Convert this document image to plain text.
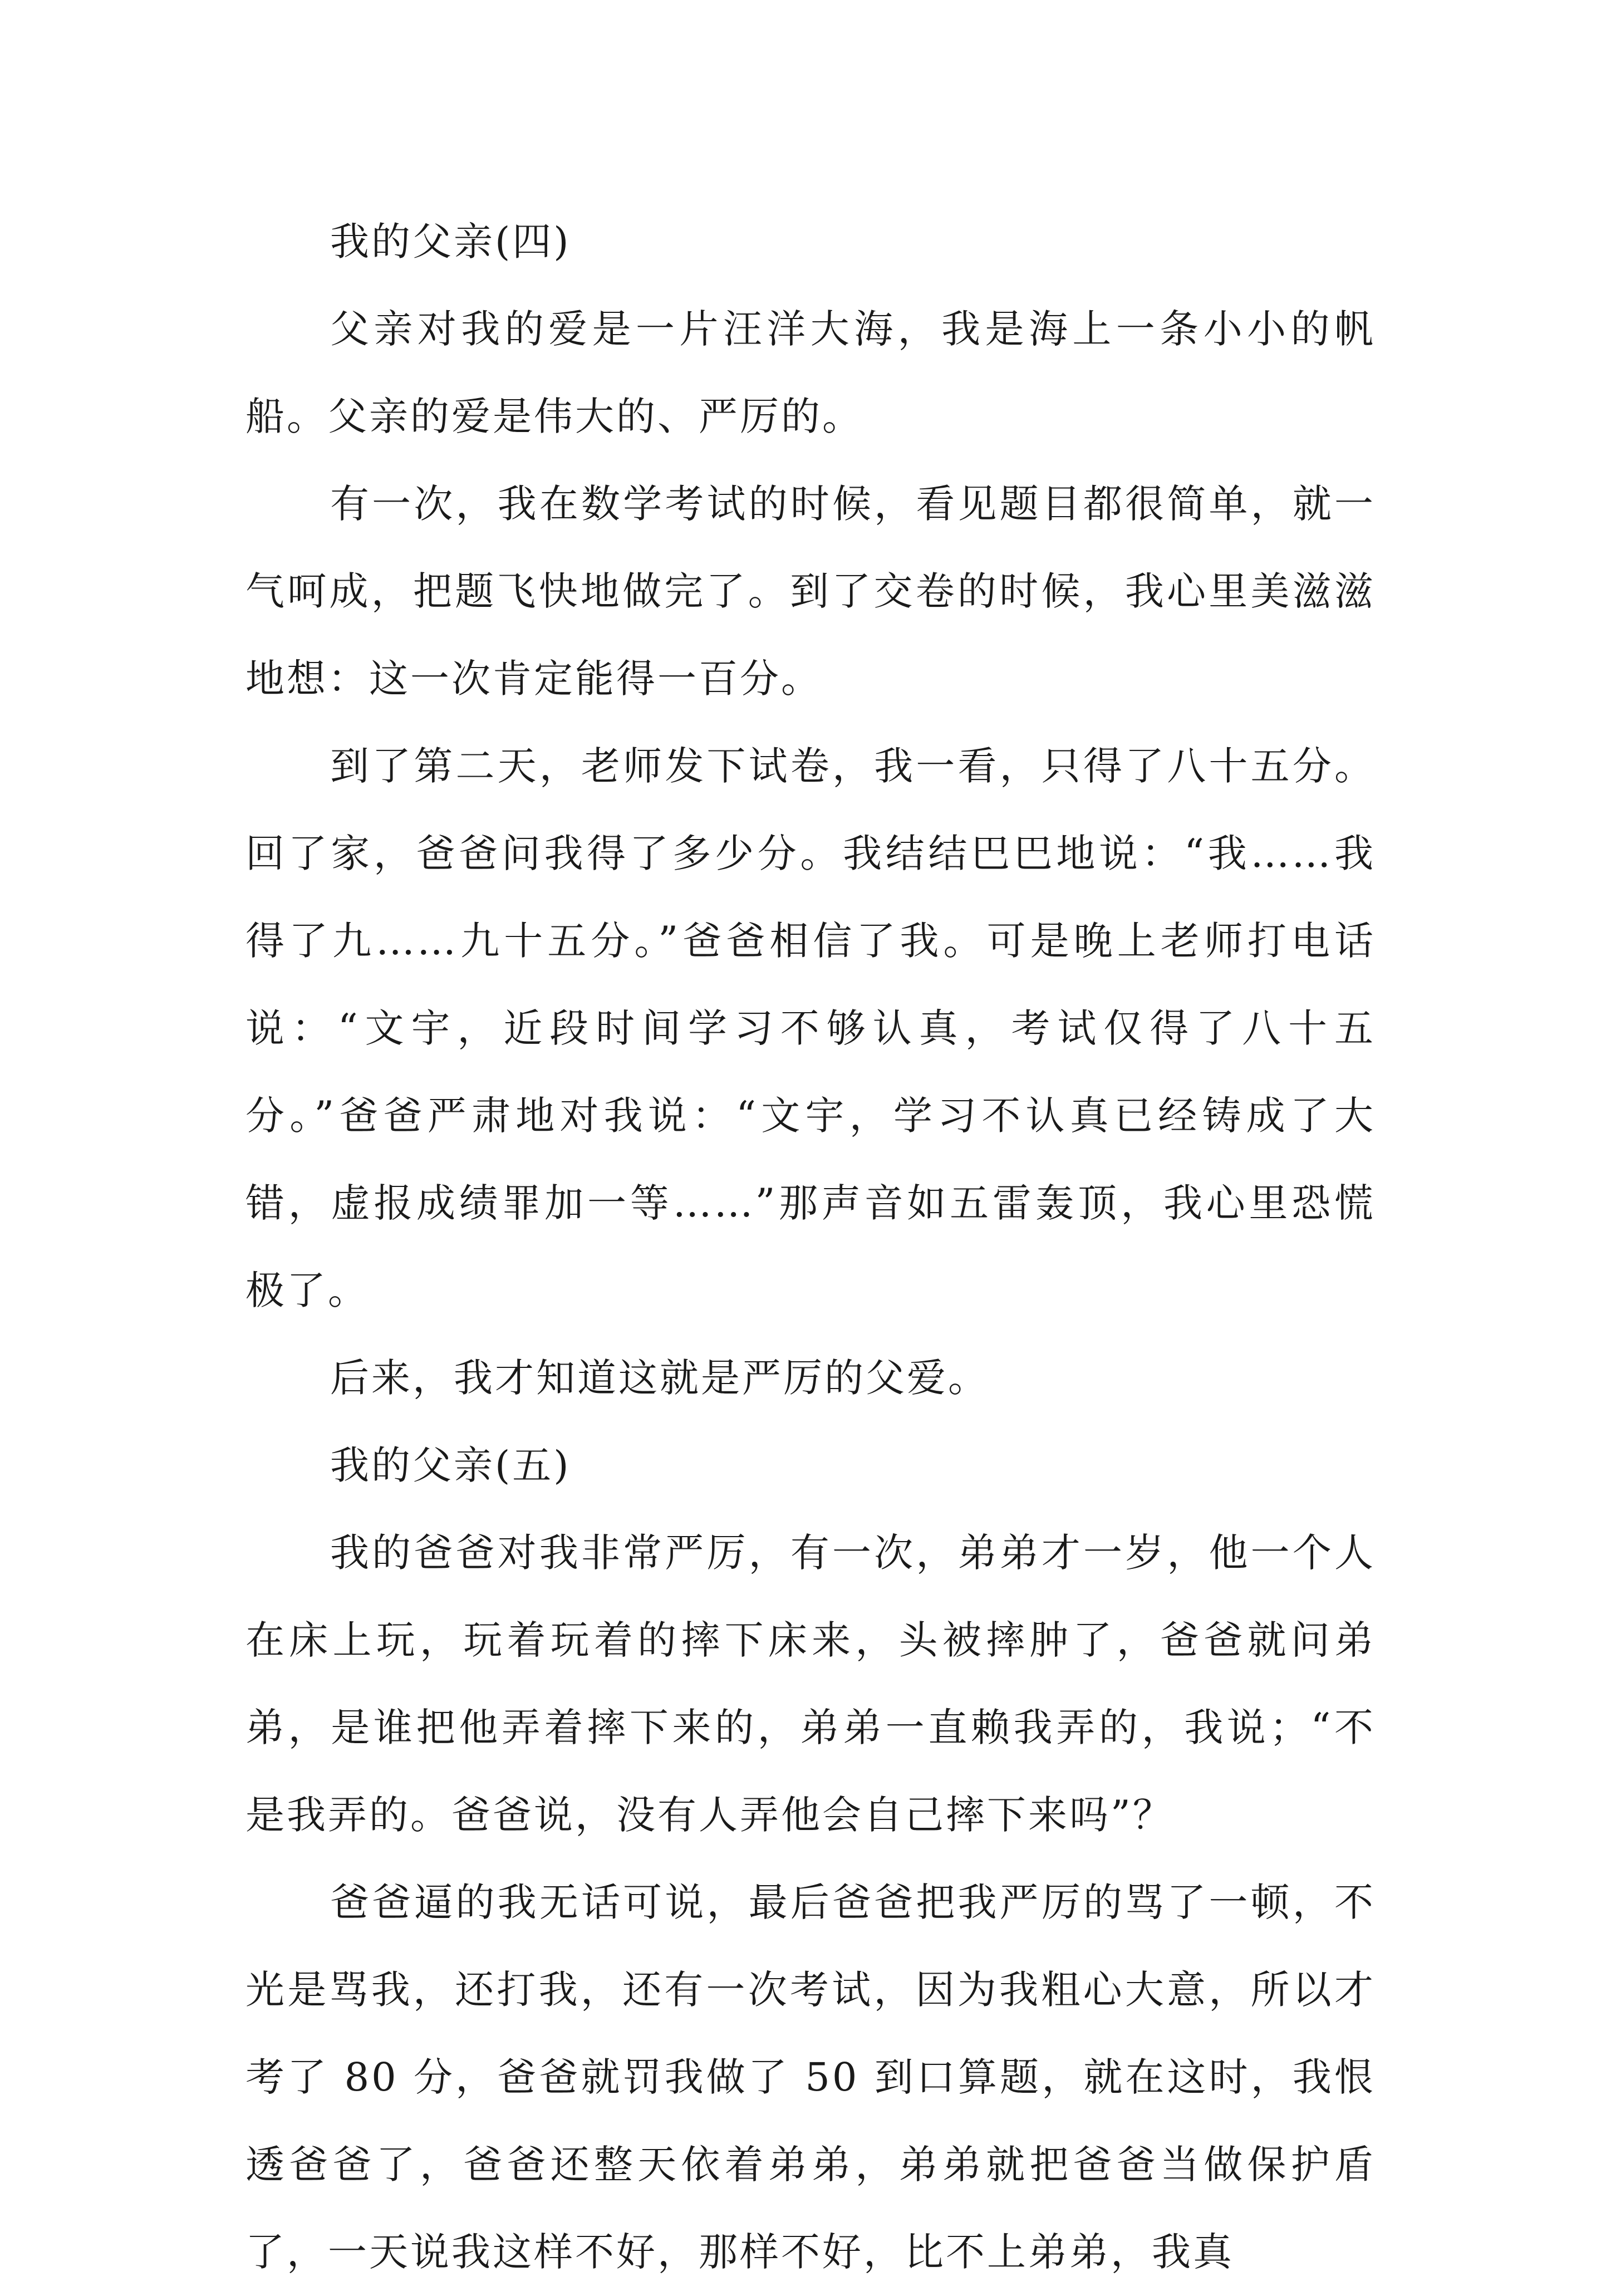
我的父亲(四)

父亲对我的爱是一片汪洋大海，我是海上一条小小的帆船。父亲的爱是伟大的、严厉的。

有一次，我在数学考试的时候，看见题目都很简单，就一气呵成，把题飞快地做完了。到了交卷的时候，我心里美滋滋地想：这一次肯定能得一百分。

到了第二天，老师发下试卷，我一看，只得了八十五分。回了家，爸爸问我得了多少分。我结结巴巴地说：“我……我得了九……九十五分。”爸爸相信了我。可是晚上老师打电话说：“文宇，近段时间学习不够认真，考试仅得了八十五分。”爸爸严肃地对我说：“文宇，学习不认真已经铸成了大错，虚报成绩罪加一等……”那声音如五雷轰顶，我心里恐慌极了。

后来，我才知道这就是严厉的父爱。

我的父亲(五)

我的爸爸对我非常严厉，有一次，弟弟才一岁，他一个人在床上玩，玩着玩着的摔下床来，头被摔肿了，爸爸就问弟弟，是谁把他弄着摔下来的，弟弟一直赖我弄的，我说；“不是我弄的。爸爸说，没有人弄他会自己摔下来吗”？

爸爸逼的我无话可说，最后爸爸把我严厉的骂了一顿，不光是骂我，还打我，还有一次考试，因为我粗心大意，所以才考了 80 分，爸爸就罚我做了 50 到口算题，就在这时，我恨透爸爸了，爸爸还整天依着弟弟，弟弟就把爸爸当做保护盾了，一天说我这样不好，那样不好，比不上弟弟，我真
